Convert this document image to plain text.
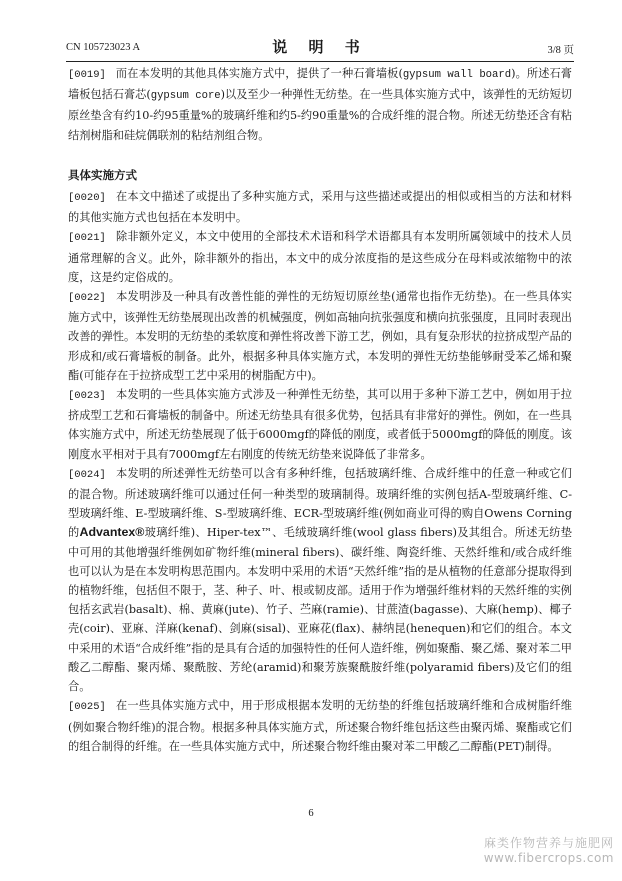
CN 105723023 A	说 明 书	3/8 页

[0019] 而在本发明的其他具体实施方式中，提供了一种石膏墙板(gypsum wall board)。所述石膏墙板包括石膏芯(gypsum core)以及至少一种弹性无纺垫。在一些具体实施方式中，该弹性的无纺短切原丝垫含有约10-约95重量%的玻璃纤维和约5-约90重量%的合成纤维的混合物。所述无纺垫还含有粘结剂树脂和硅烷偶联剂的粘结剂组合物。

具体实施方式

[0020] 在本文中描述了或提出了多种实施方式，采用与这些描述或提出的相似或相当的方法和材料的其他实施方式也包括在本发明中。

[0021] 除非额外定义，本文中使用的全部技术术语和科学术语都具有本发明所属领域中的技术人员通常理解的含义。此外，除非额外的指出，本文中的成分浓度指的是这些成分在母料或浓缩物中的浓度，这是约定俗成的。

[0022] 本发明涉及一种具有改善性能的弹性的无纺短切原丝垫(通常也指作无纺垫)。在一些具体实施方式中，该弹性无纺垫展现出改善的机械强度，例如高轴向抗张强度和横向抗张强度，且同时表现出改善的弹性。本发明的无纺垫的柔软度和弹性将改善下游工艺，例如，具有复杂形状的拉挤成型产品的形成和/或石膏墙板的制备。此外，根据多种具体实施方式，本发明的弹性无纺垫能够耐受苯乙烯和聚酯(可能存在于拉挤成型工艺中采用的树脂配方中)。

[0023] 本发明的一些具体实施方式涉及一种弹性无纺垫，其可以用于多种下游工艺中，例如用于拉挤成型工艺和石膏墙板的制备中。所述无纺垫具有很多优势，包括具有非常好的弹性。例如，在一些具体实施方式中，所述无纺垫展现了低于6000mgf的降低的刚度，或者低于5000mgf的降低的刚度。该刚度水平相对于具有7000mgf左右刚度的传统无纺垫来说降低了非常多。

[0024] 本发明的所述弹性无纺垫可以含有多种纤维，包括玻璃纤维、合成纤维中的任意一种或它们的混合物。所述玻璃纤维可以通过任何一种类型的玻璃制得。玻璃纤维的实例包括A-型玻璃纤维、C-型玻璃纤维、E-型玻璃纤维、S-型玻璃纤维、ECR-型玻璃纤维(例如商业可得的购自Owens Corning的Advantex®玻璃纤维)、Hiper-tex™、毛绒玻璃纤维(wool glass fibers)及其组合。所述无纺垫中可用的其他增强纤维例如矿物纤维(mineral fibers)、碳纤维、陶瓷纤维、天然纤维和/或合成纤维也可以认为是在本发明构思范围内。本发明中采用的术语“天然纤维”指的是从植物的任意部分提取得到的植物纤维，包括但不限于，茎、种子、叶、根或韧皮部。适用于作为增强纤维材料的天然纤维的实例包括玄武岩(basalt)、棉、黄麻(jute)、竹子、苎麻(ramie)、甘蔗渣(bagasse)、大麻(hemp)、椰子壳(coir)、亚麻、洋麻(kenaf)、剑麻(sisal)、亚麻花(flax)、赫纳昆(henequen)和它们的组合。本文中采用的术语“合成纤维”指的是具有合适的加强特性的任何人造纤维，例如聚酯、聚乙烯、聚对苯二甲酸乙二醇酯、聚丙烯、聚酰胺、芳纶(aramid)和聚芳族聚酰胺纤维(polyaramid fibers)及它们的组合。

[0025] 在一些具体实施方式中，用于形成根据本发明的无纺垫的纤维包括玻璃纤维和合成树脂纤维(例如聚合物纤维)的混合物。根据多种具体实施方式，所述聚合物纤维包括这些由聚丙烯、聚酯或它们的组合制得的纤维。在一些具体实施方式中，所述聚合物纤维由聚对苯二甲酸乙二醇酯(PET)制得。

6
麻类作物营养与施肥网
www.fibercrops.com
